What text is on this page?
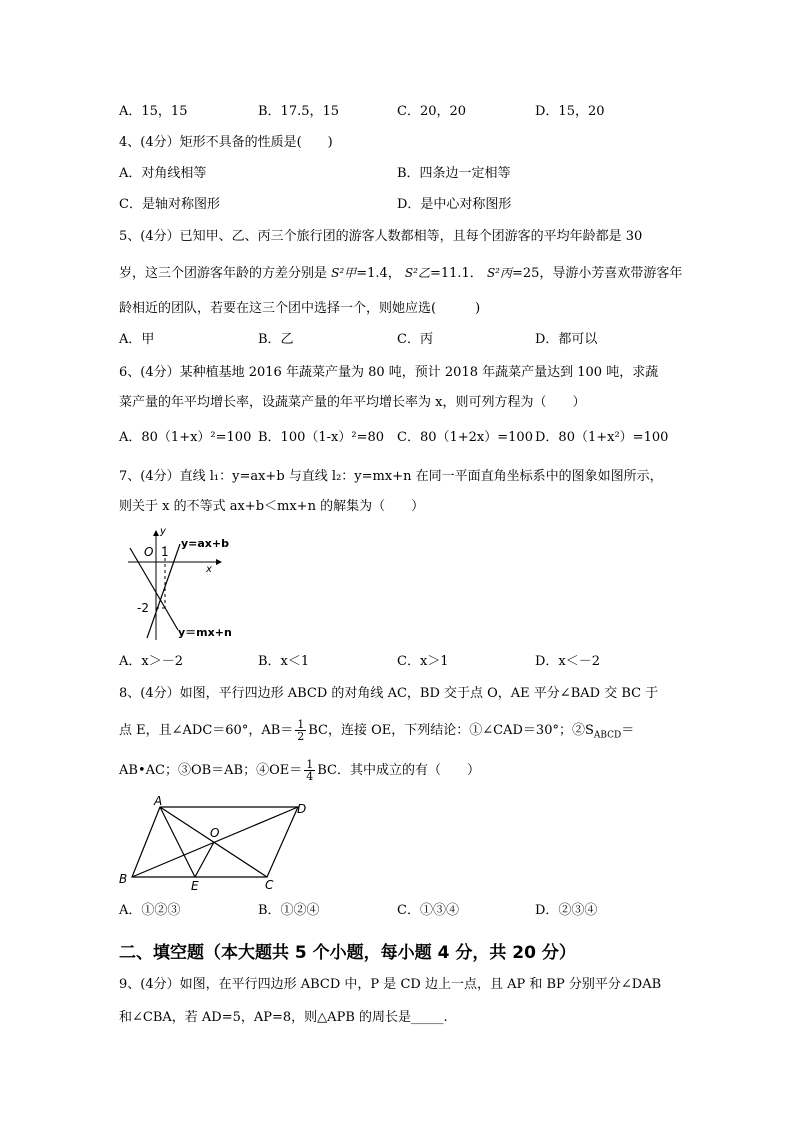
A．15，15	B．17.5，15	C．20，20	D．15，20
4、(4分）矩形不具备的性质是(　　)
A．对角线相等	B．四条边一定相等
C．是轴对称图形	D．是中心对称图形
5、(4分）已知甲、乙、丙三个旅行团的游客人数都相等，且每个团游客的平均年龄都是 30
岁，这三个团游客年龄的方差分别是 S²甲=1.4， S²乙=11.1． S²丙=25，导游小芳喜欢带游客年
龄相近的团队，若要在这三个团中选择一个，则她应选(　　　)
A．甲	B．乙	C．丙	D．都可以
6、(4分）某种植基地 2016 年蔬菜产量为 80 吨，预计 2018 年蔬菜产量达到 100 吨，求蔬
菜产量的年平均增长率，设蔬菜产量的年平均增长率为 x，则可列方程为（　　）
A．80（1+x）²=100 B．100（1-x）²=80 C．80（1+2x）=100 D．80（1+x²）=100
7、(4分）直线 l₁：y=ax+b 与直线 l₂：y=mx+n 在同一平面直角坐标系中的图象如图所示，
则关于 x 的不等式 ax+b＜mx+n 的解集为（　　）
y
x
O 1
-2
y=ax+b
y＝mx+n
A．x＞－2	B．x＜1	C．x＞1	D．x＜－2
8、(4分）如图，平行四边形 ABCD 的对角线 AC，BD 交于点 O，AE 平分∠BAD 交 BC 于
点 E，且∠ADC＝60°，$AB= \frac{1}{2}$ BC，连接 OE，下列结论：①∠CAD＝30°；$②S_{ABCD}=$
AB•AC；③OB＝AB；④OE＝ $\frac{1}{4}$ BC．其中成立的有（　　）
A
D
B	C
E
O
A．①②③	B．①②④	C．①③④	D．②③④
二、填空题（本大题共 5 个小题，每小题 4 分，共 20 分）
9、(4分）如图，在平行四边形 ABCD 中，P 是 CD 边上一点，且 AP 和 BP 分别平分∠DAB
和∠CBA，若 AD=5，AP=8，则△APB 的周长是_____.
